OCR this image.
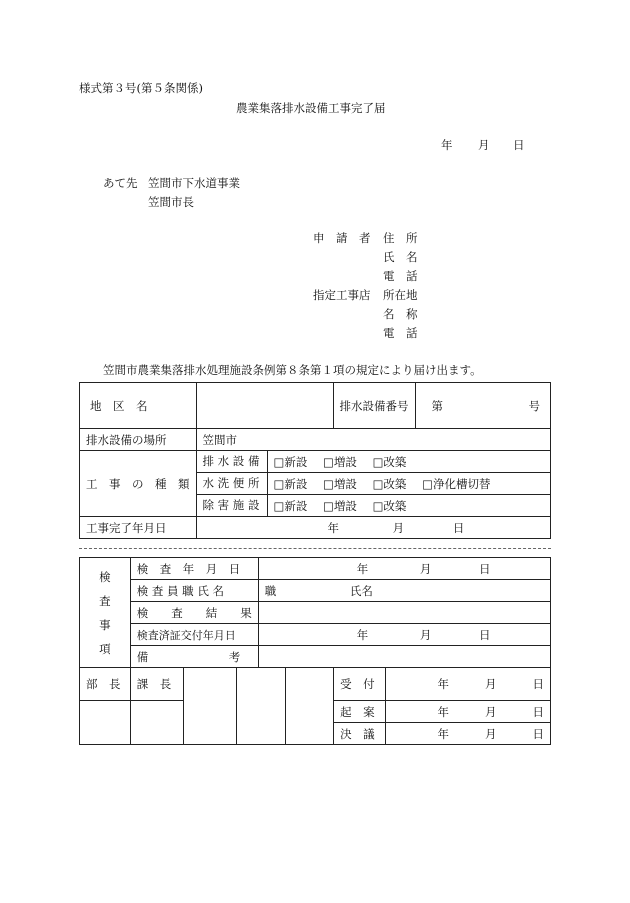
様式第３号(第５条関係)
農業集落排水設備工事完了届
年 月 日
あて先 笠間市下水道事業
笠間市長
申　請　者 住　所
氏　名
電　話
指定工事店 所在地
名　称
電　話
笠間市農業集落排水処理施設条例第８条第１項の規定により届け出ます。
地　区　名		排水設備番号	第 号

排水設備の場所	笠間市		
工　事　の　種　類	排 水 設 備 □新設 □増設 □改築		

	水 洗 便 所 □新設 □増設 □改築 □浄化槽切替		

	除 害 施 設 □新設 □増設 □改築		

工事完了年月日	年 月 日		
検
査
事
項	検　査　年　月　日			年 月 日			
	検 査 員 職 氏 名			職 氏名			
	検　　査　　結　　果						
	検査済証交付年月日			年 月 日			
	備　　　　　　　考						
部　長	課　長					受　付	年 月 日

						起　案	年 月 日

						決　議	年 月 日
